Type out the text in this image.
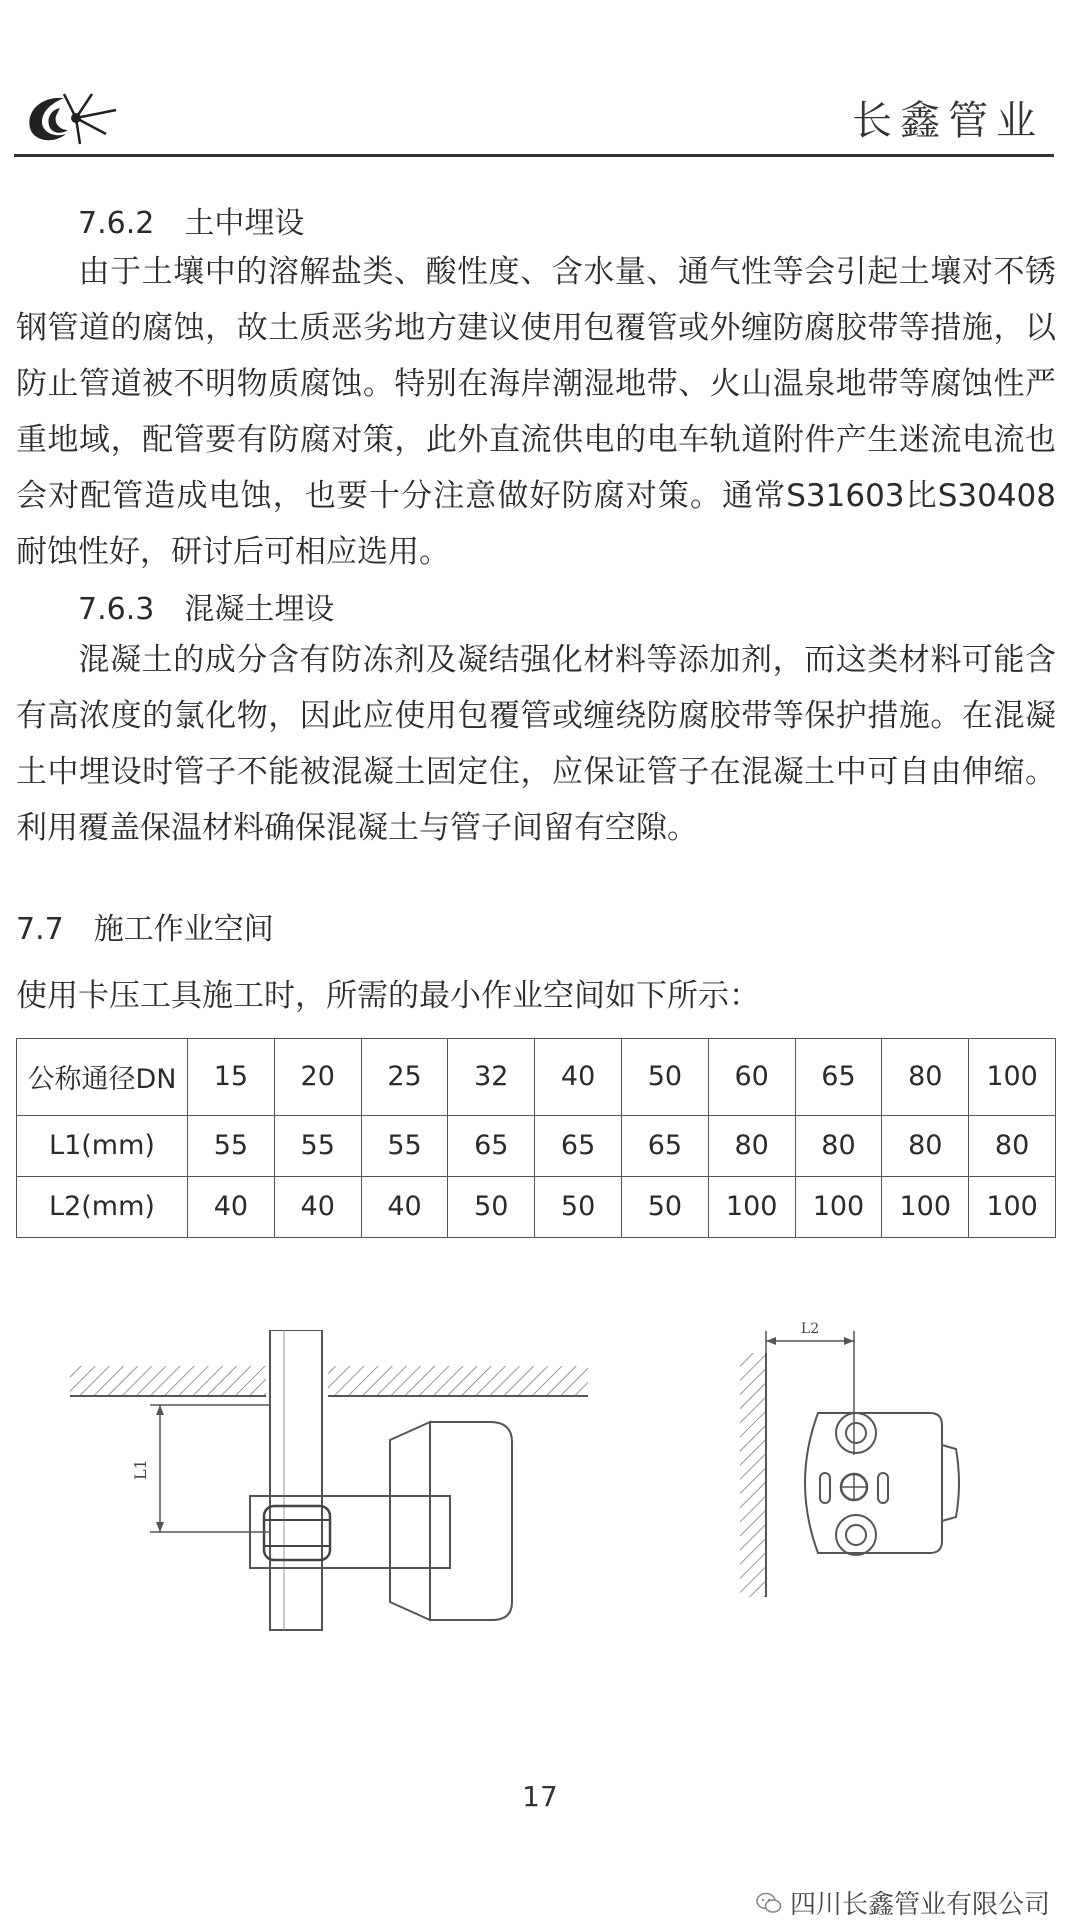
长鑫管业
7.6.2　土中埋设

由于土壤中的溶解盐类、酸性度、含水量、通气性等会引起土壤对不锈钢管道的腐蚀，故土质恶劣地方建议使用包覆管或外缠防腐胶带等措施，以防止管道被不明物质腐蚀。特别在海岸潮湿地带、火山温泉地带等腐蚀性严重地域，配管要有防腐对策，此外直流供电的电车轨道附件产生迷流电流也会对配管造成电蚀，也要十分注意做好防腐对策。通常S31603比S30408耐蚀性好，研讨后可相应选用。

7.6.3　混凝土埋设

混凝土的成分含有防冻剂及凝结强化材料等添加剂，而这类材料可能含有高浓度的氯化物，因此应使用包覆管或缠绕防腐胶带等保护措施。在混凝土中埋设时管子不能被混凝土固定住，应保证管子在混凝土中可自由伸缩。利用覆盖保温材料确保混凝土与管子间留有空隙。

7.7　施工作业空间
使用卡压工具施工时，所需的最小作业空间如下所示：
公称通径DN	15	20	25	32	40	50	60	65	80	100
L1(mm)	55	55	55	65	65	65	80	80	80	80
L2(mm)	40	40	40	50	50	50	100	100	100	100
L1
L2
17
四川长鑫管业有限公司
